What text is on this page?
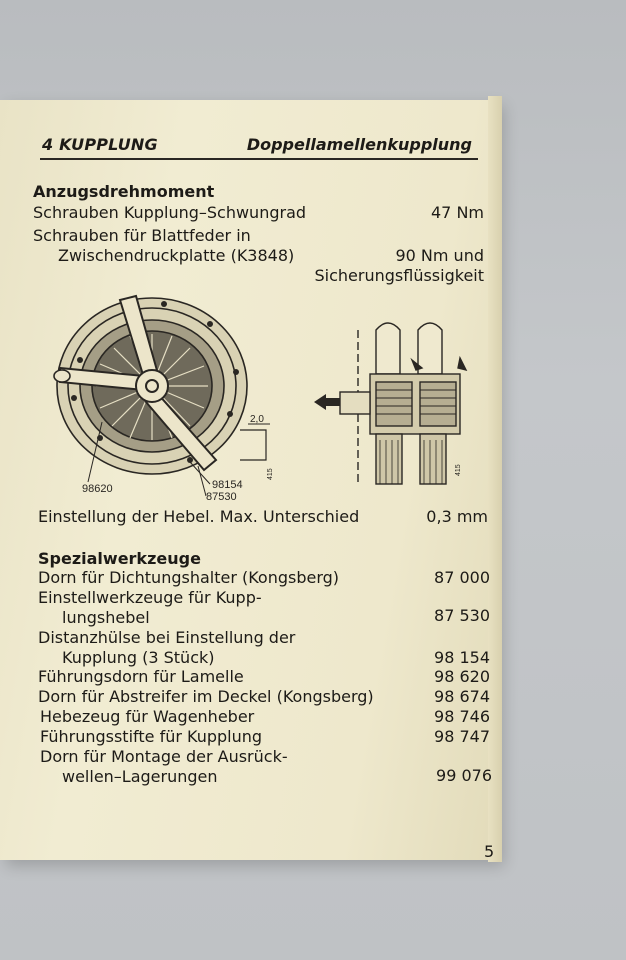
4 KUPPLUNG	Doppellamellenkupplung
Anzugsdrehmoment
Schrauben Kupplung–Schwungrad	47 Nm
Schrauben für Blattfeder in
Zwischendruckplatte (K3848)	90 Nm und
Sicherungsflüssigkeit
98620	98154
87530
2,0
415	415
Einstellung der Hebel. Max. Unterschied	0,3 mm
Spezialwerkzeuge
Dorn für Dichtungshalter (Kongsberg)	87 000
Einstellwerkzeuge für Kupp-
lungshebel	87 530
Distanzhülse bei Einstellung der
Kupplung (3 Stück)	98 154
Führungsdorn für Lamelle	98 620
Dorn für Abstreifer im Deckel (Kongsberg)	98 674
Hebezeug für Wagenheber	98 746
Führungsstifte für Kupplung	98 747
Dorn für Montage der Ausrück-
wellen–Lagerungen	99 076
5
